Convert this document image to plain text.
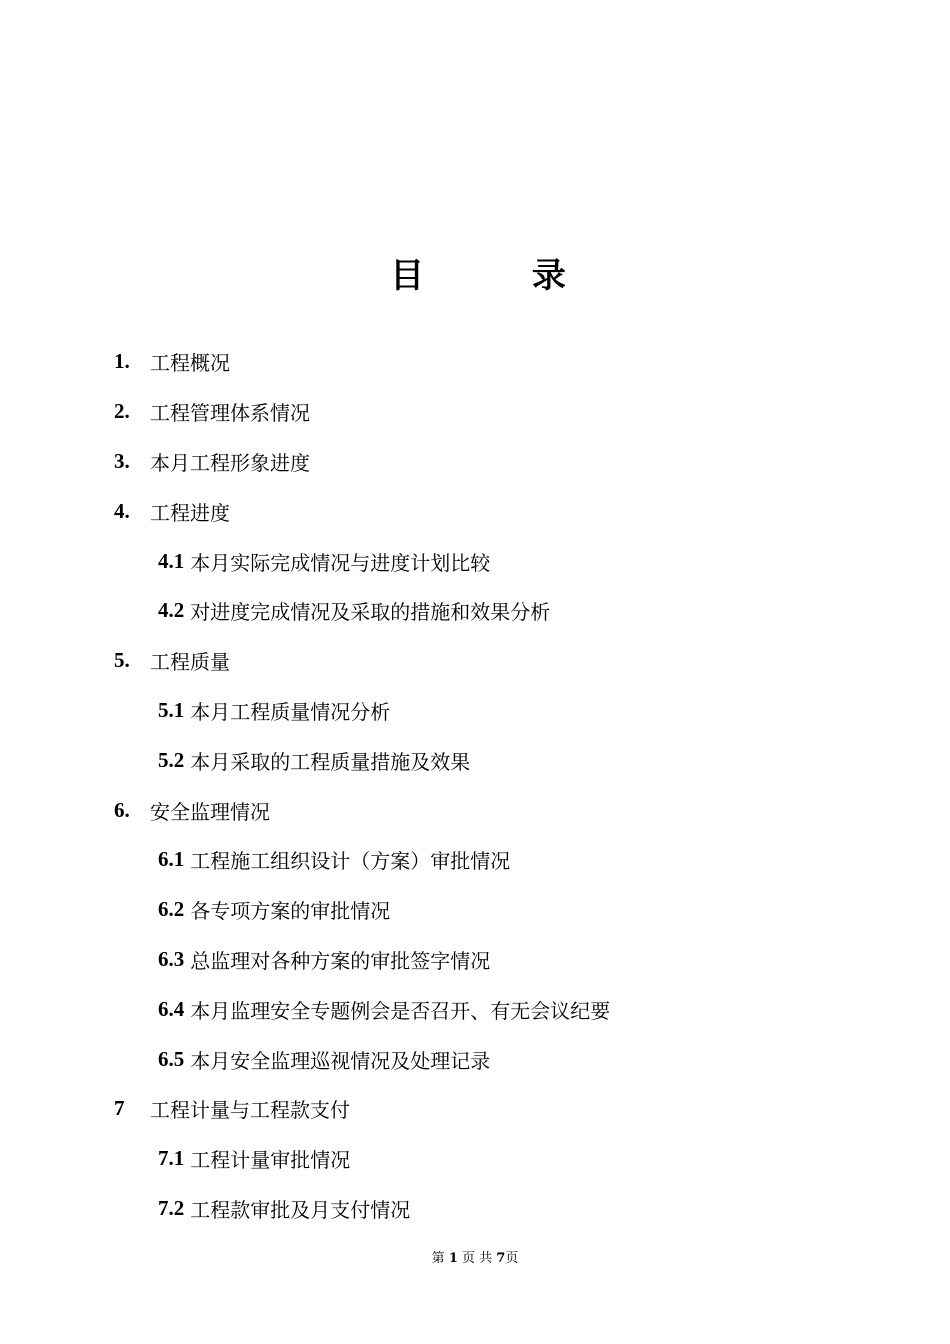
目 录
1.	工程概况
2.	工程管理体系情况
3.	本月工程形象进度
4.	工程进度
4.1 本月实际完成情况与进度计划比较
4.2 对进度完成情况及采取的措施和效果分析
5.	工程质量
5.1 本月工程质量情况分析
5.2 本月采取的工程质量措施及效果
6.	安全监理情况
6.1 工程施工组织设计（方案）审批情况
6.2 各专项方案的审批情况
6.3 总监理对各种方案的审批签字情况
6.4 本月监理安全专题例会是否召开、有无会议纪要
6.5 本月安全监理巡视情况及处理记录
7	工程计量与工程款支付
7.1 工程计量审批情况
7.2 工程款审批及月支付情况
第 1 页 共 7页
